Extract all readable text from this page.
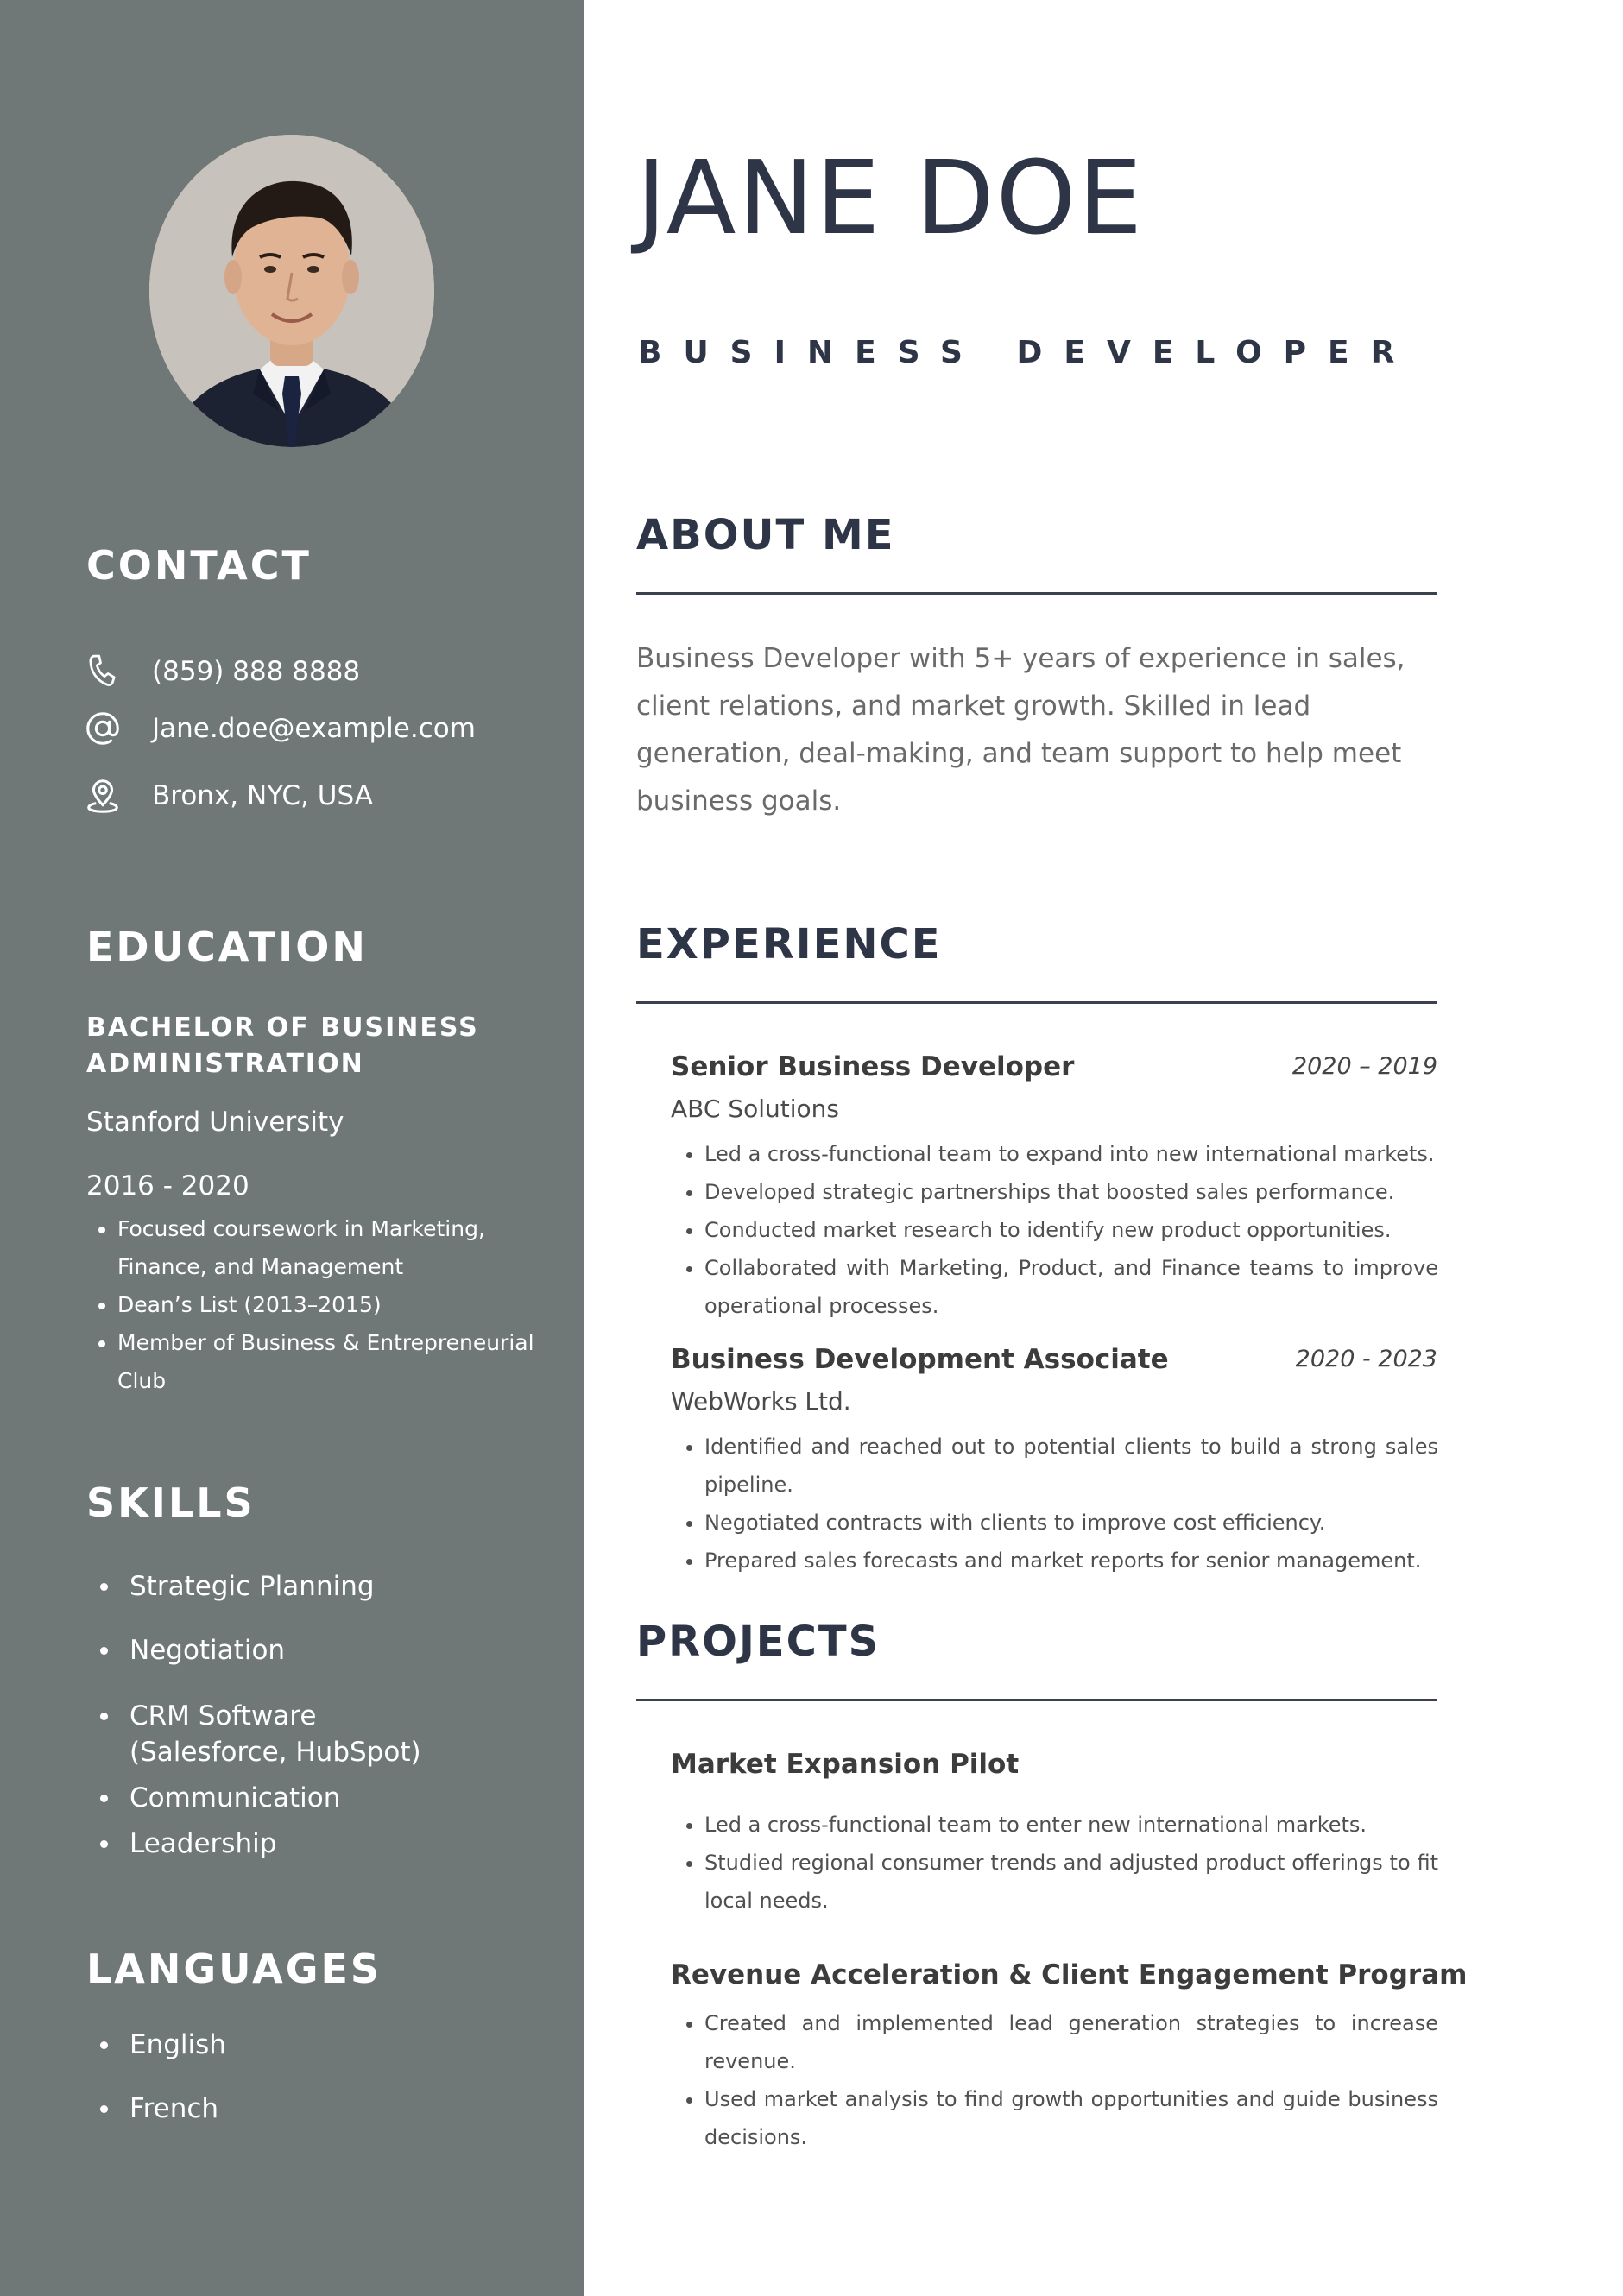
CONTACT
(859) 888 8888
Jane.doe@example.com
Bronx, NYC, USA
EDUCATION
BACHELOR OF BUSINESS ADMINISTRATION
Stanford University
2016 - 2020
• Focused coursework in Marketing, Finance, and Management
• Dean’s List (2013–2015)
• Member of Business & Entrepreneurial Club
SKILLS
Strategic Planning
Negotiation
CRM Software
(Salesforce, HubSpot)
Communication
Leadership
LANGUAGES
English
French
JANE DOE
BUSINESS DEVELOPER
ABOUT ME

Business Developer with 5+ years of experience in sales, client relations, and market growth. Skilled in lead generation, deal-making, and team support to help meet business goals.

EXPERIENCE
Senior Business Developer	2020 – 2019
ABC Solutions
• Led a cross-functional team to expand into new international markets.
• Developed strategic partnerships that boosted sales performance.
• Conducted market research to identify new product opportunities.
• Collaborated with Marketing, Product, and Finance teams to improve operational processes.
Business Development Associate	2020 - 2023
WebWorks Ltd.
• Identified and reached out to potential clients to build a strong sales pipeline.
• Negotiated contracts with clients to improve cost efficiency.
• Prepared sales forecasts and market reports for senior management.
PROJECTS
Market Expansion Pilot
• Led a cross-functional team to enter new international markets.
• Studied regional consumer trends and adjusted product offerings to fit local needs.
Revenue Acceleration & Client Engagement Program
• Created and implemented lead generation strategies to increase revenue.
• Used market analysis to find growth opportunities and guide business decisions.
